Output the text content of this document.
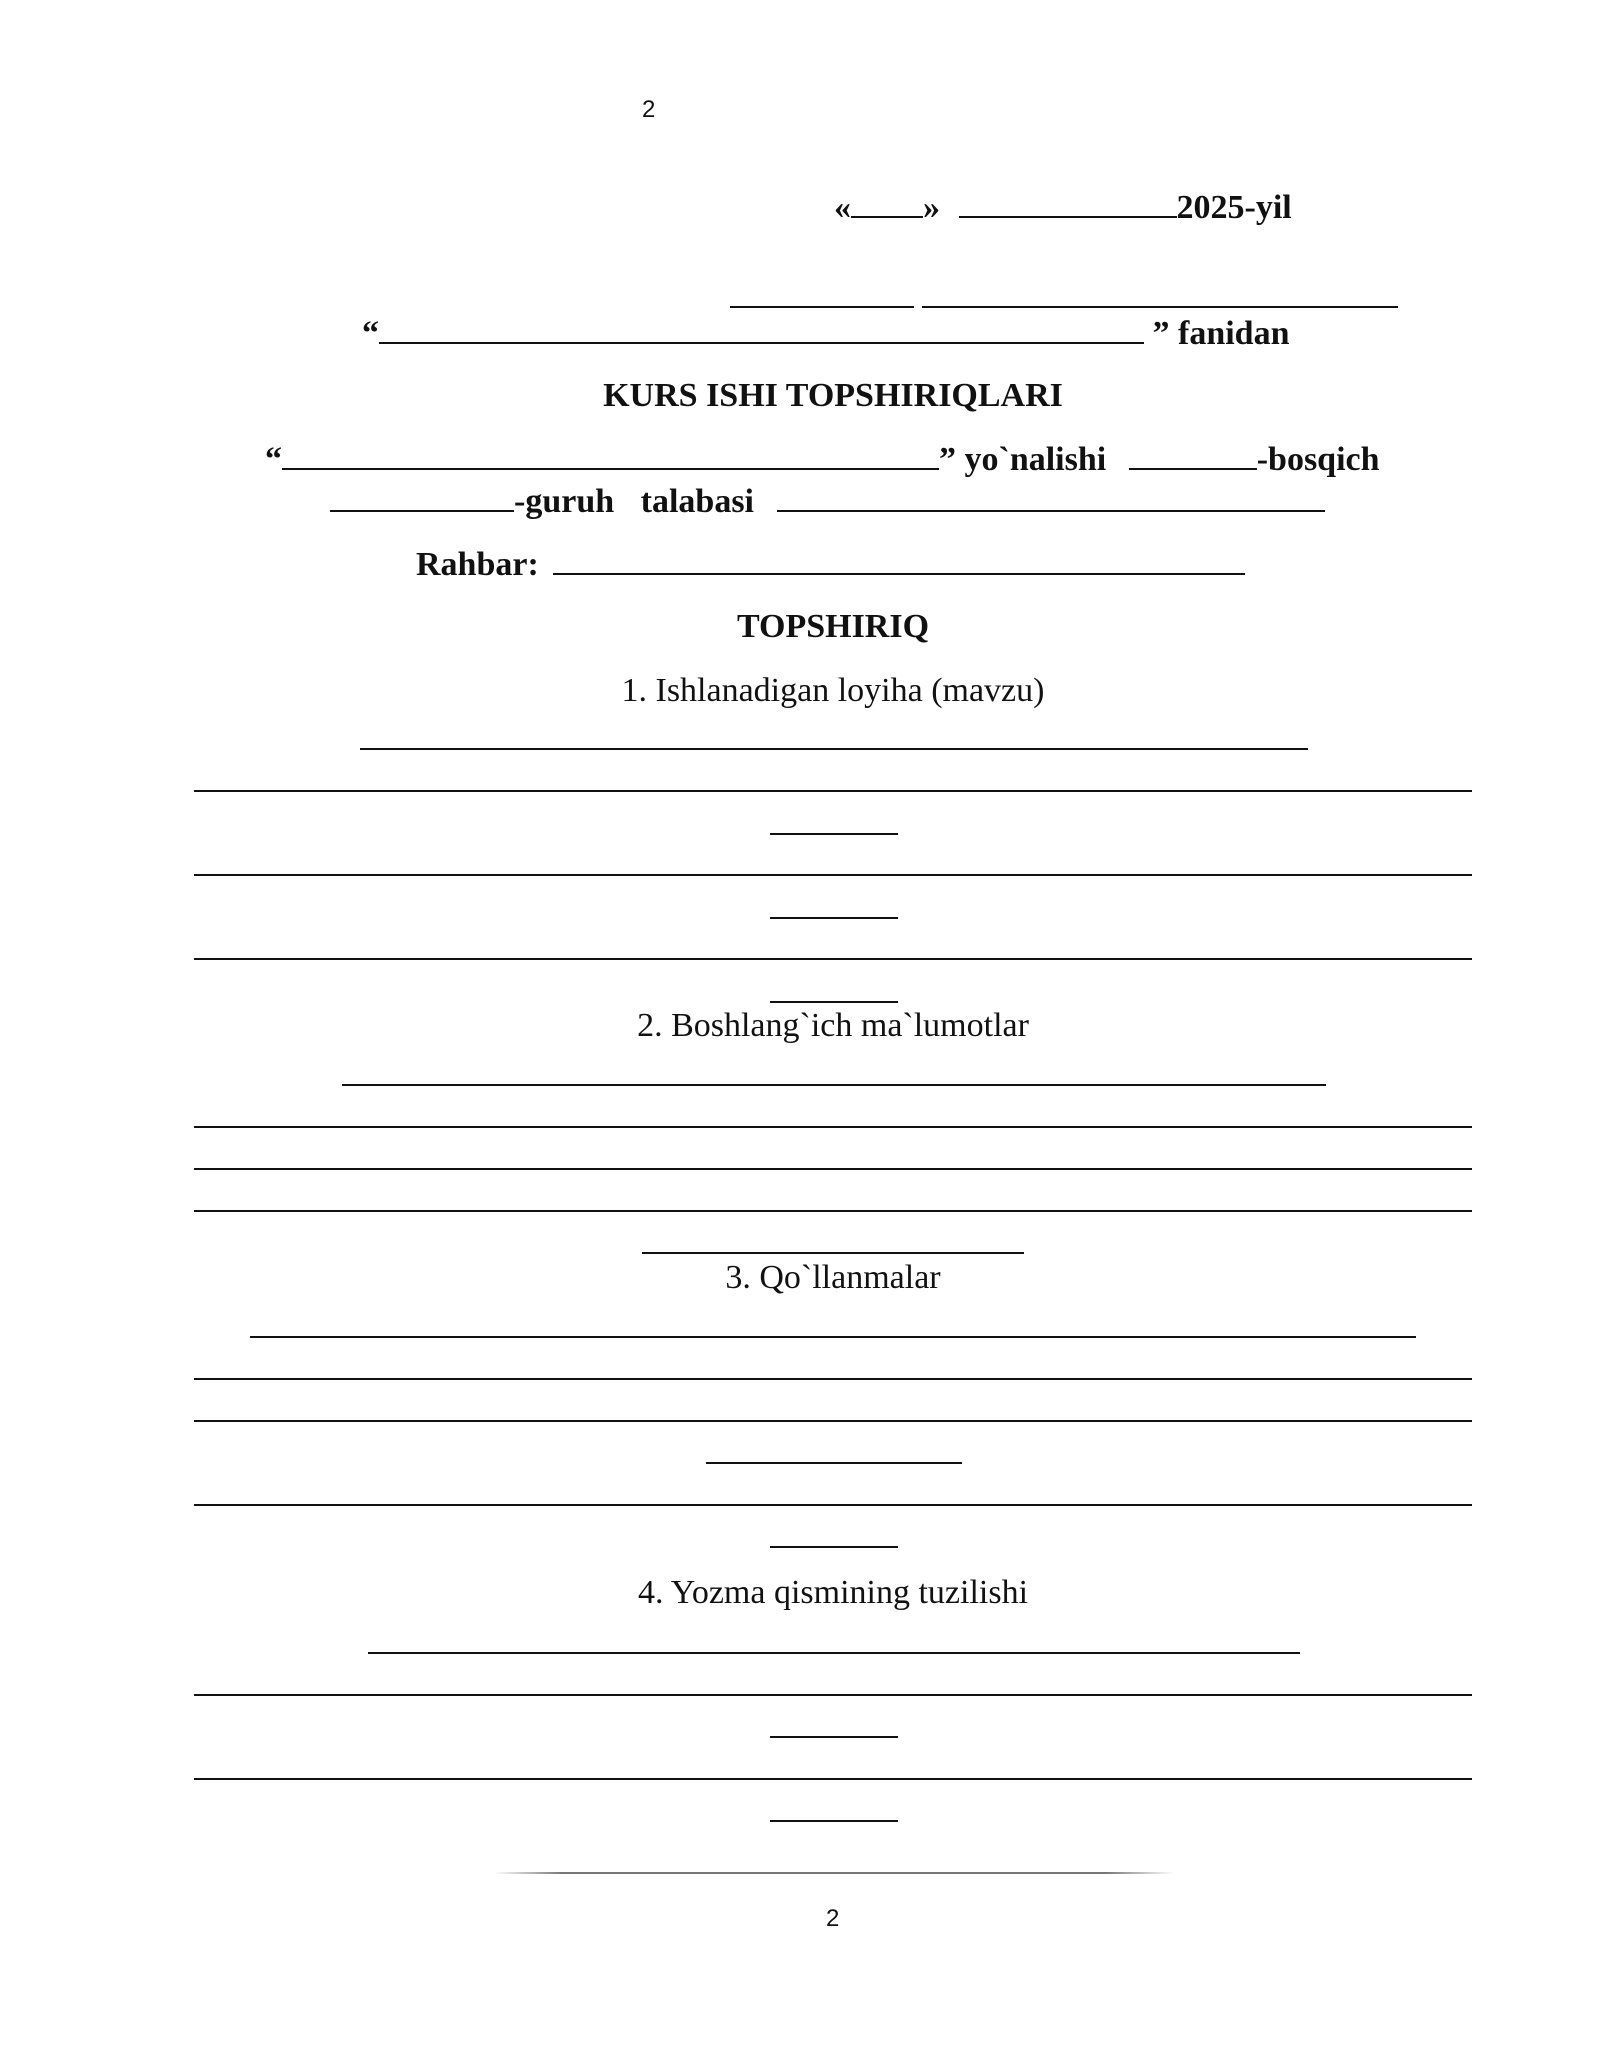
2
« »	2025-yil
“	” fanidan
KURS ISHI TOPSHIRIQLARI
“	” yo`nalishi	-bosqich
-guruh talabasi
Rahbar:
TOPSHIRIQ
1. Ishlanadigan loyiha (mavzu)
2. Boshlang`ich ma`lumotlar
3. Qo`llanmalar
4. Yozma qismining tuzilishi
2
